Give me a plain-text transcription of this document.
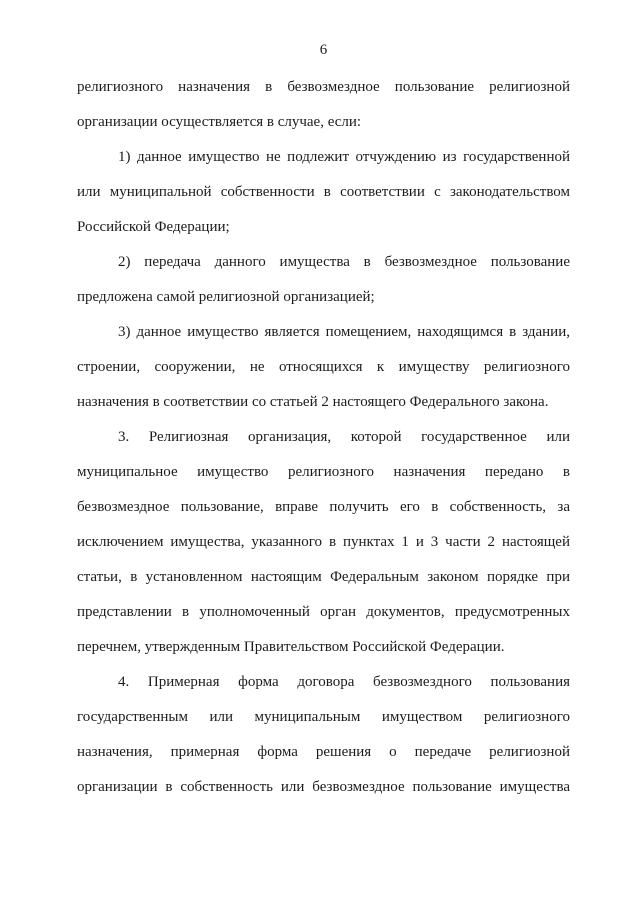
6
религиозного назначения в безвозмездное пользование религиозной
организации осуществляется в случае, если:
1) данное имущество не подлежит отчуждению из государственной
или муниципальной собственности в соответствии с законодательством
Российской Федерации;
2) передача данного имущества в безвозмездное пользование
предложена самой религиозной организацией;
3) данное имущество является помещением, находящимся в здании,
строении, сооружении, не относящихся к имуществу религиозного
назначения в соответствии со статьей 2 настоящего Федерального закона.
3. Религиозная организация, которой государственное или
муниципальное имущество религиозного назначения передано в
безвозмездное пользование, вправе получить его в собственность, за
исключением имущества, указанного в пунктах 1 и 3 части 2 настоящей
статьи, в установленном настоящим Федеральным законом порядке при
представлении в уполномоченный орган документов, предусмотренных
перечнем, утвержденным Правительством Российской Федерации.
4. Примерная форма договора безвозмездного пользования
государственным или муниципальным имуществом религиозного
назначения, примерная форма решения о передаче религиозной
организации в собственность или безвозмездное пользование имущества
